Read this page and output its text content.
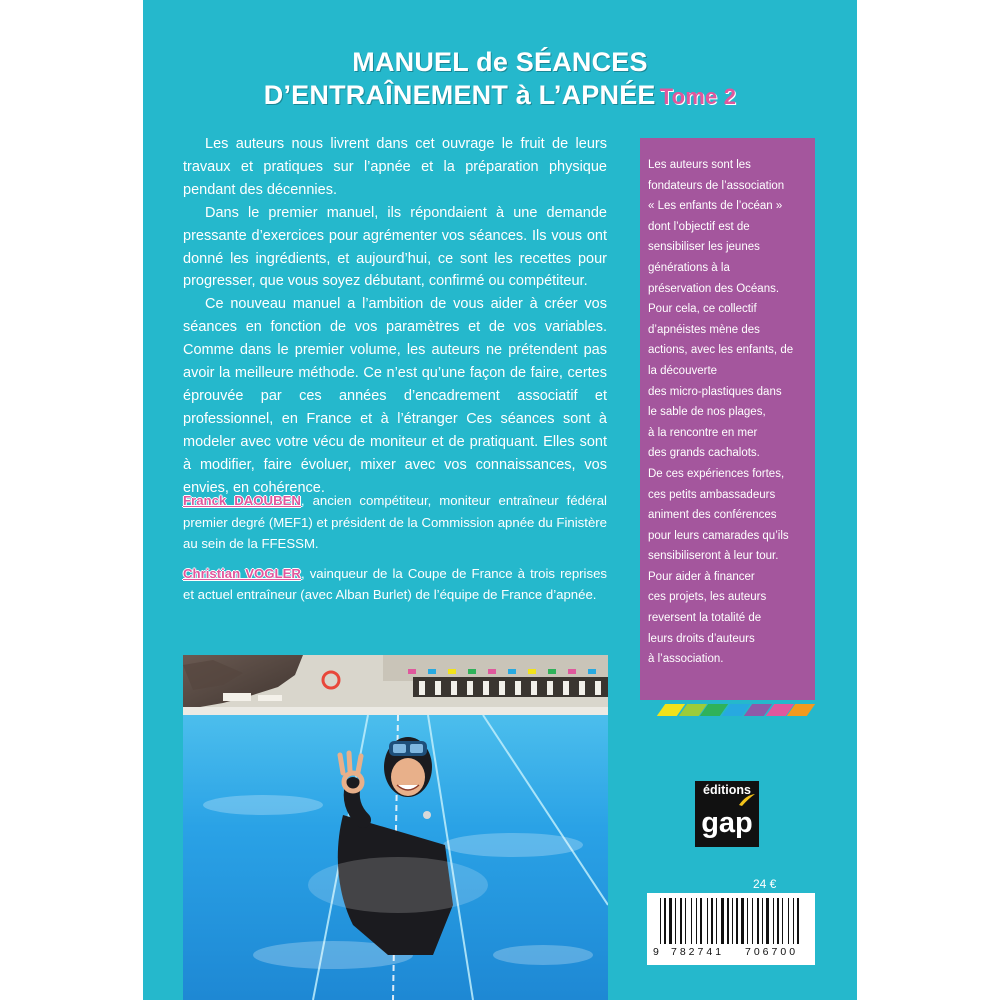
MANUEL de SÉANCES
D’ENTRAÎNEMENT à L’APNÉE Tome 2

Les auteurs nous livrent dans cet ouvrage le fruit de leurs travaux et pratiques sur l’apnée et la préparation physique pendant des décennies.

Dans le premier manuel, ils répondaient à une demande pressante d’exercices pour agrémenter vos séances. Ils vous ont donné les ingrédients, et aujourd’hui, ce sont les recettes pour progresser, que vous soyez débutant, confirmé ou compétiteur.

Ce nouveau manuel a l’ambition de vous aider à créer vos séances en fonction de vos paramètres et de vos variables. Comme dans le premier volume, les auteurs ne prétendent pas avoir la meilleure méthode. Ce n’est qu’une façon de faire, certes éprouvée par ces années d’encadrement associatif et professionnel, en France et à l’étranger Ces séances sont à modeler avec votre vécu de moniteur et de pratiquant. Elles sont à modifier, faire évoluer, mixer avec vos connaissances, vos envies, en cohérence.

Franck DAOUBEN, ancien compétiteur, moniteur entraîneur fédéral premier degré (MEF1) et président de la Commission apnée du Finistère au sein de la FFESSM.

Christian VOGLER, vainqueur de la Coupe de France à trois reprises et actuel entraîneur (avec Alban Burlet) de l’équipe de France d’apnée.

Les auteurs sont les
fondateurs de l’association
« Les enfants de l’océan »
dont l’objectif est de
sensibiliser les jeunes
générations à la
préservation des Océans.
Pour cela, ce collectif
d’apnéistes mène des
actions, avec les enfants, de
la découverte
des micro-plastiques dans
le sable de nos plages,
à la rencontre en mer
des grands cachalots.
De ces expériences fortes,
ces petits ambassadeurs
animent des conférences
pour leurs camarades qu’ils
sensibiliseront à leur tour.
Pour aider à financer
ces projets, les auteurs
reversent la totalité de
leurs droits d’auteurs
à l’association.
éditions
gap
24 €
9 782741 706700
